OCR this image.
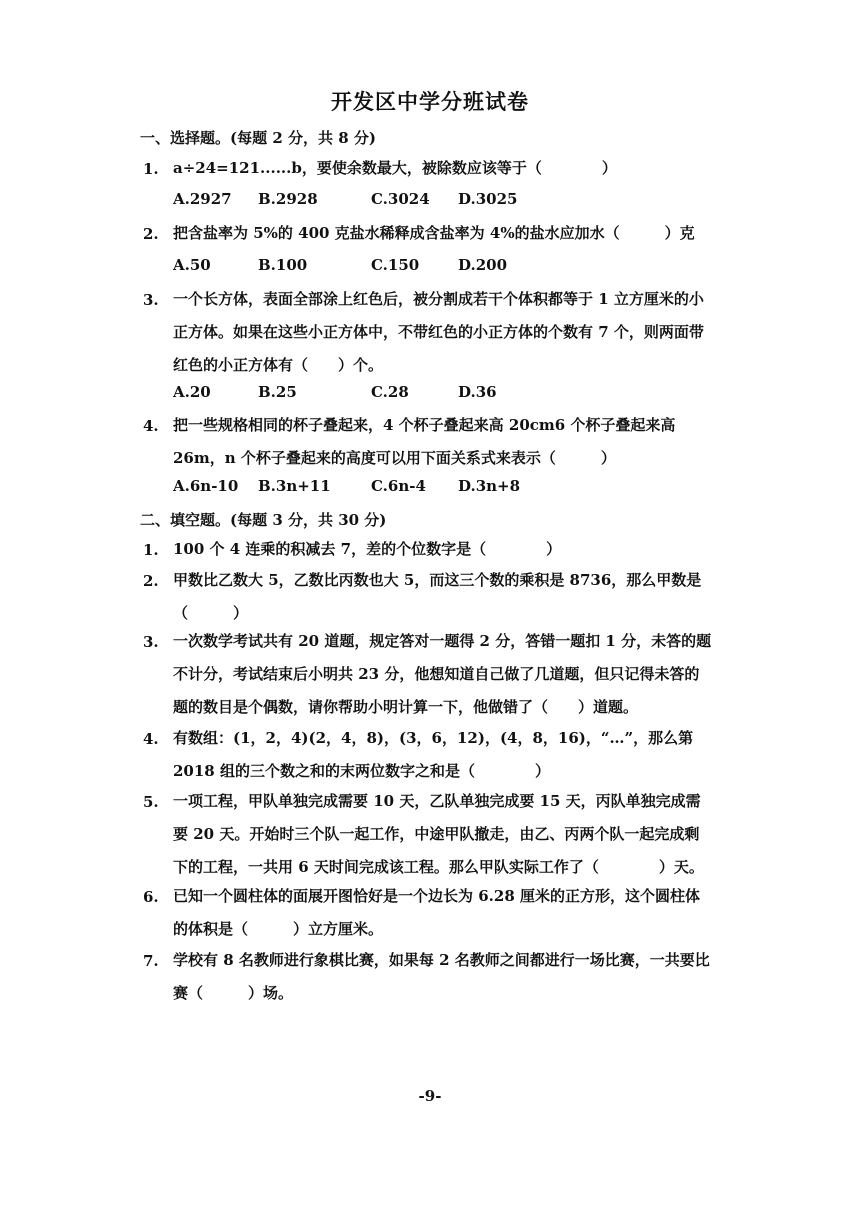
开发区中学分班试卷
一、选择题。(每题 2 分，共 8 分)
1. a÷24=121......b，要使余数最大，被除数应该等于（　　　　）
A.2927 B.2928	C.3024 D.3025
2. 把含盐率为 5%的 400 克盐水稀释成含盐率为 4%的盐水应加水（　　　）克
A.50	B.100	C.150	D.200
3. 一个长方体，表面全部涂上红色后，被分割成若干个体积都等于 1 立方厘米的小正方体。如果在这些小正方体中，不带红色的小正方体的个数有 7 个，则两面带红色的小正方体有（　　）个。
A.20	B.25	C.28	D.36
4. 把一些规格相同的杯子叠起来，4 个杯子叠起来高 20cm6 个杯子叠起来高 26m，n 个杯子叠起来的高度可以用下面关系式来表示（　　　）
A.6n-10 B.3n+11	C.6n-4 D.3n+8
二、填空题。(每题 3 分，共 30 分)
1. 100 个 4 连乘的积减去 7，差的个位数字是（　　　　）
2. 甲数比乙数大 5，乙数比丙数也大 5，而这三个数的乘积是 8736，那么甲数是（　　　）
3. 一次数学考试共有 20 道题，规定答对一题得 2 分，答错一题扣 1 分，未答的题不计分，考试结束后小明共 23 分，他想知道自己做了几道题，但只记得未答的题的数目是个偶数，请你帮助小明计算一下，他做错了（　　）道题。
4. 有数组：(1，2，4)(2，4，8)，(3，6，12)，(4，8，16)，“…”，那么第 2018 组的三个数之和的末两位数字之和是（　　　　）
5. 一项工程，甲队单独完成需要 10 天，乙队单独完成要 15 天，丙队单独完成需要 20 天。开始时三个队一起工作，中途甲队撤走，由乙、丙两个队一起完成剩下的工程，一共用 6 天时间完成该工程。那么甲队实际工作了（　　　　）天。
6. 已知一个圆柱体的面展开图恰好是一个边长为 6.28 厘米的正方形，这个圆柱体的体积是（　　　）立方厘米。
7. 学校有 8 名教师进行象棋比赛，如果每 2 名教师之间都进行一场比赛，一共要比赛（　　　）场。
-9-
